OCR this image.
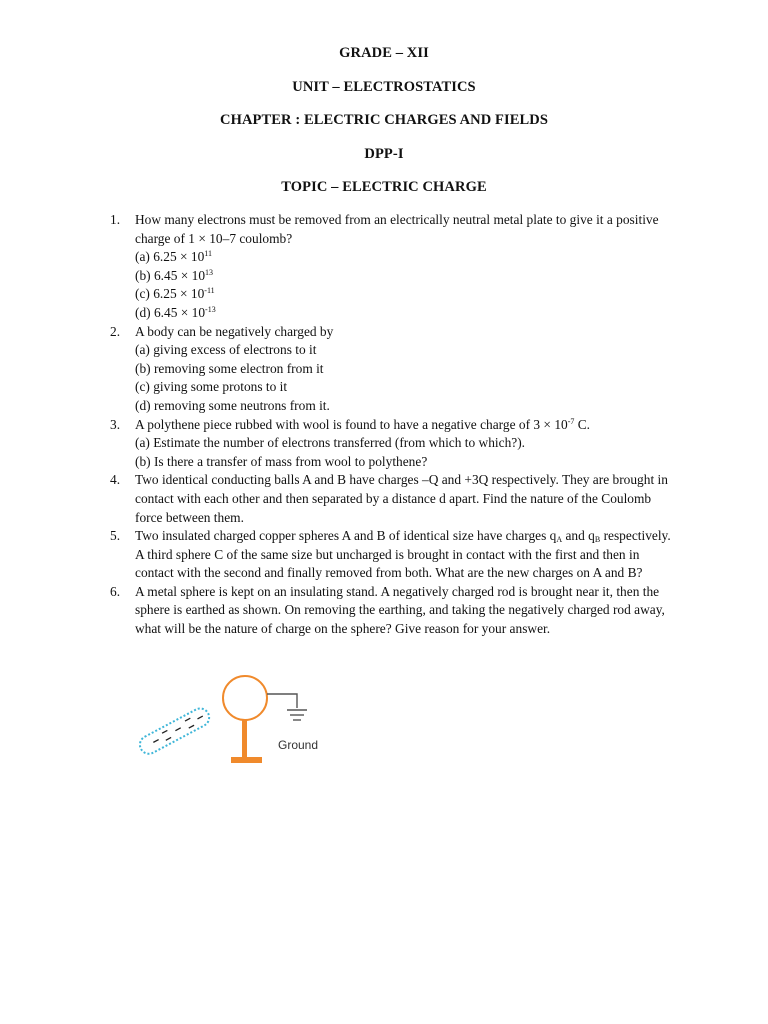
GRADE – XII
UNIT – ELECTROSTATICS
CHAPTER : ELECTRIC CHARGES AND FIELDS
DPP-I
TOPIC – ELECTRIC CHARGE
1. How many electrons must be removed from an electrically neutral metal plate to give it a positive charge of 1 × 10–7 coulomb?
(a) $6.25 \times 10^{11}$
(b) $6.45 \times 10^{13}$
(c) $6.25 \times 10^{-11}$
(d) $6.45 \times 10^{-13}$
2. A body can be negatively charged by
(a) giving excess of electrons to it
(b) removing some electron from it
(c) giving some protons to it
(d) removing some neutrons from it.
3. A polythene piece rubbed with wool is found to have a negative charge of $3 \times 10^{-7}$ C.
(a) Estimate the number of electrons transferred (from which to which?).
(b) Is there a transfer of mass from wool to polythene?
4. Two identical conducting balls A and B have charges –Q and +3Q respectively. They are brought in contact with each other and then separated by a distance d apart. Find the nature of the Coulomb force between them.
5. Two insulated charged copper spheres A and B of identical size have charges $q_A$ and $q_B$ respectively. A third sphere C of the same size but uncharged is brought in contact with the first and then in contact with the second and finally removed from both. What are the new charges on A and B?
6. A metal sphere is kept on an insulating stand. A negatively charged rod is brought near it, then the sphere is earthed as shown. On removing the earthing, and taking the negatively charged rod away, what will be the nature of charge on the sphere? Give reason for your answer.
Ground
